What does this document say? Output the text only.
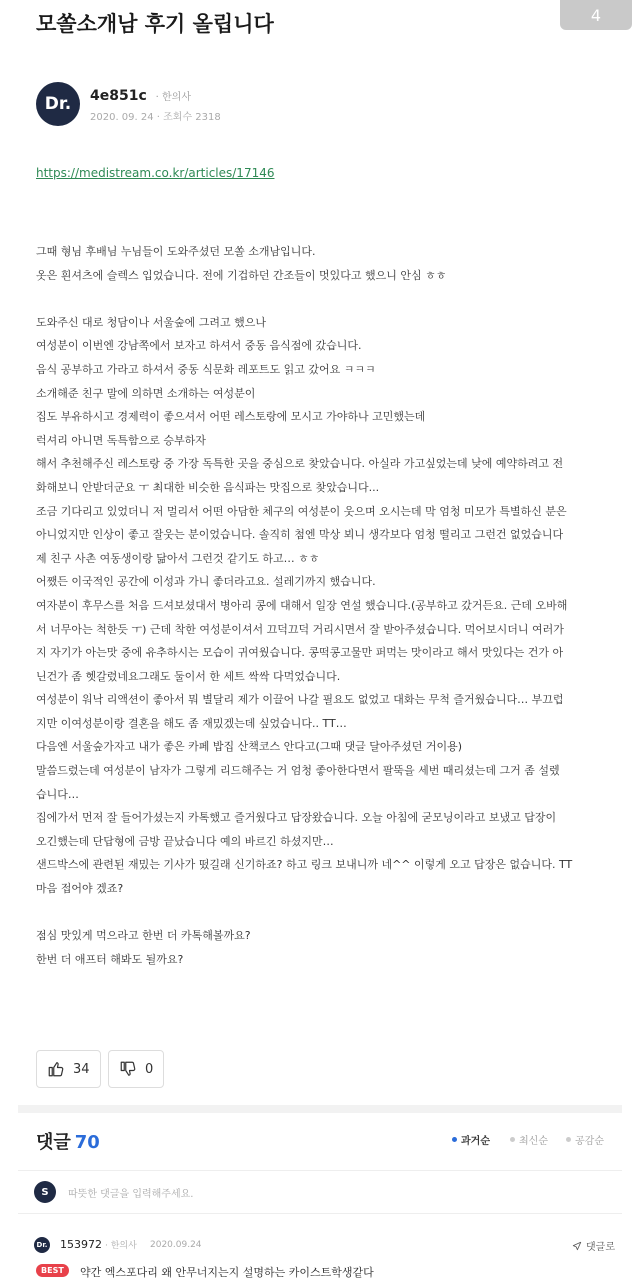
4
모쏠소개남 후기 올립니다
Dr.	4e851c · 한의사
2020. 09. 24 · 조회수 2318
https://medistream.co.kr/articles/17146
그때 형님 후배님 누님들이 도와주셨던 모쏠 소개남입니다.
옷은 흰셔츠에 슬렉스 입었습니다. 전에 기겁하던 간조들이 멋있다고 했으니 안심 ㅎㅎ
도와주신 대로 청담이나 서울숲에 그려고 했으나
여성분이 이번엔 강남쪽에서 보자고 하셔서 중동 음식점에 갔습니다.
음식 공부하고 가라고 하셔서 중동 식문화 레포트도 읽고 갔어요 ㅋㅋㅋ
소개해준 친구 말에 의하면 소개하는 여성분이
집도 부유하시고 경제력이 좋으셔서 어떤 레스토랑에 모시고 가야하나 고민했는데
럭셔리 아니면 독특함으로 승부하자
해서 추천해주신 레스토랑 중 가장 독특한 곳을 중심으로 찾았습니다. 아실라 가고싶었는데 낮에 예약하려고 전
화해보니 안받더군요 ㅜ 최대한 비슷한 음식파는 맛집으로 찾았습니다...
조금 기다리고 있었더니 저 멀리서 어떤 아담한 체구의 여성분이 웃으며 오시는데 막 엄청 미모가 특별하신 분은
아니었지만 인상이 좋고 잘웃는 분이었습니다. 솔직히 첨엔 막상 뵈니 생각보다 엄청 떨리고 그런건 없었습니다
제 친구 사촌 여동생이랑 닮아서 그런것 같기도 하고… ㅎㅎ
어쨌든 이국적인 공간에 이성과 가니 좋더라고요. 설레기까지 했습니다.
여자분이 후무스를 처음 드셔보셨대서 병아리 콩에 대해서 일장 연설 했습니다.(공부하고 갔거든요. 근데 오바해
서 너무아는 척한듯 ㅜ) 근데 착한 여성분이셔서 끄덕끄덕 거리시면서 잘 받아주셨습니다. 먹어보시더니 여러가
지 자기가 아는맛 중에 유추하시는 모습이 귀여웠습니다. 콩떡콩고물만 퍼먹는 맛이라고 해서 맛있다는 건가 아
닌건가 좀 헷갈렸네요그래도 둘이서 한 세트 싹싹 다먹었습니다.
여성분이 워낙 리액션이 좋아서 뭐 별달리 제가 이끌어 나갈 필요도 없었고 대화는 무척 즐거웠습니다… 부끄럽
지만 이여성분이랑 결혼을 해도 좀 재밌겠는데 싶었습니다.. TT…
다음엔 서울숲가자고 내가 좋은 카페 밥집 산책코스 안다고(그때 댓글 달아주셨던 거이용)
말씀드렸는데 여성분이 남자가 그렇게 리드해주는 거 엄청 좋아한다면서 팔뚝을 세번 때리셨는데 그거 좀 설렜
습니다…
집에가서 먼저 잘 들어가셨는지 카톡했고 즐거웠다고 답장왔습니다. 오늘 아침에 굳모닝이라고 보냈고 답장이
오긴했는데 단답형에 금방 끝났습니다 예의 바르긴 하셨지만…
샌드박스에 관련된 재밌는 기사가 떴길래 신기하죠? 하고 링크 보내니까 네^^ 이렇게 오고 답장은 없습니다. TT
마음 접어야 겠죠?
점심 맛있게 먹으라고 한번 더 카톡해볼까요?
한번 더 애프터 해봐도 될까요?
34	0
댓글 70	과거순	최신순	공감순
S	따뜻한 댓글을 입력해주세요.
Dr. 153972 · 한의사 2020.09.24	댓글로
BEST	약간 엑스포다리 왜 안무너지는지 설명하는 카이스트학생같다
